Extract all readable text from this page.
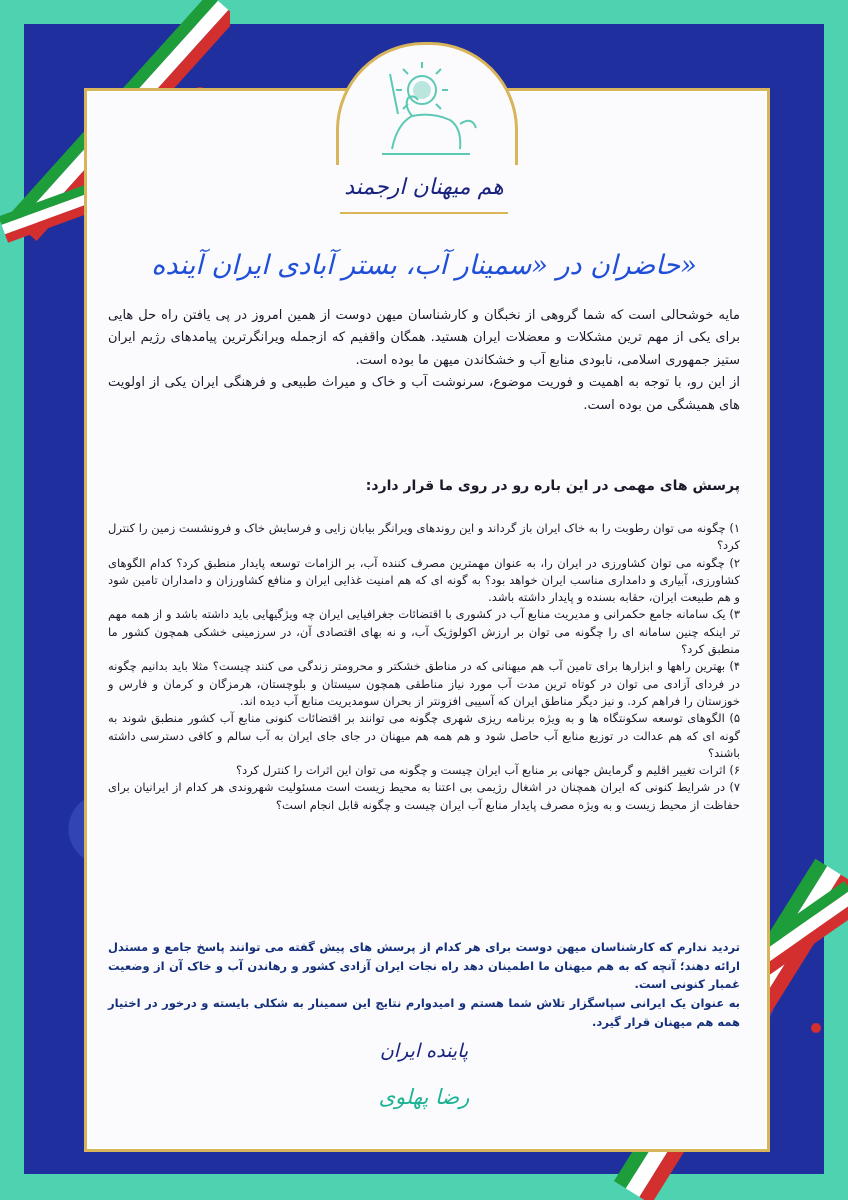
هم میهنان ارجمند
حاضران در «سمینار آب، بستر آبادی ایران آینده»

مایه خوشحالی است که شما گروهی از نخبگان و کارشناسان میهن دوست از همین امروز در پی یافتن راه حل هایی برای یکی از مهم ترین مشکلات و معضلات ایران هستید. همگان واقفیم که ازجمله ویرانگرترین پیامدهای رژیم ایران ستیز جمهوری اسلامی، نابودی منابع آب و خشکاندن میهن ما بوده است.

از این رو، با توجه به اهمیت و فوریت موضوع، سرنوشت آب و خاک و میراث طبیعی و فرهنگی ایران یکی از اولویت های همیشگی من بوده است.

پرسش های مهمی در این باره رو در روی ما قرار دارد:

۱) چگونه می توان رطوبت را به خاک ایران باز گرداند و این روندهای ویرانگر بیابان زایی و فرسایش خاک و فرونشست زمین را کنترل کرد؟

۲) چگونه می توان کشاورزی در ایران را، به عنوان مهمترین مصرف کننده آب، بر الزامات توسعه پایدار منطبق کرد؟ کدام الگوهای کشاورزی، آبیاری و دامداری مناسب ایران خواهد بود؟ به گونه ای که هم امنیت غذایی ایران و منافع کشاورزان و دامداران تامین شود و هم طبیعت ایران، حقابه بسنده و پایدار داشته باشد.

۳) یک سامانه جامع حکمرانی و مدیریت منابع آب در کشوری با اقتضائات جغرافیایی ایران چه ویژگیهایی باید داشته باشد و از همه مهم تر اینکه چنین سامانه ای را چگونه می توان بر ارزش اکولوژیک آب، و نه بهای اقتصادی آن، در سرزمینی خشکی همچون کشور ما منطبق کرد؟

۴) بهترین راهها و ابزارها برای تامین آب هم میهنانی که در مناطق خشکتر و محرومتر زندگی می کنند چیست؟ مثلا باید بدانیم چگونه در فردای آزادی می توان در کوتاه ترین مدت آب مورد نیاز مناطقی همچون سیستان و بلوچستان، هرمزگان و کرمان و فارس و خوزستان را فراهم کرد. و نیز دیگر مناطق ایران که آسیبی افزونتر از بحران سومدیریت منابع آب دیده اند.

۵) الگوهای توسعه سکونتگاه ها و به ویژه برنامه ریزی شهری چگونه می توانند بر اقتضائات کنونی منابع آب کشور منطبق شوند به گونه ای که هم عدالت در توزیع منابع آب حاصل شود و هم همه هم میهنان در جای جای ایران به آب سالم و کافی دسترسی داشته باشند؟

۶) اثرات تغییر اقلیم و گرمایش جهانی بر منابع آب ایران چیست و چگونه می توان این اثرات را کنترل کرد؟

۷) در شرایط کنونی که ایران همچنان در اشغال رژیمی بی اعتنا به محیط زیست است مسئولیت شهروندی هر کدام از ایرانیان برای حفاظت از محیط زیست و به ویژه مصرف پایدار منابع آب ایران چیست و چگونه قابل انجام است؟

تردید ندارم که کارشناسان میهن دوست برای هر کدام از پرسش های پیش گفته می توانند پاسخ جامع و مستدل ارائه دهند؛ آنچه که به هم میهنان ما اطمینان دهد راه نجات ایران آزادی کشور و رهاندن آب و خاک آن از وضعیت غمبار کنونی است.

به عنوان یک ایرانی سپاسگزار تلاش شما هستم و امیدوارم نتایج این سمینار به شکلی بایسته و درخور در اختیار همه هم میهنان قرار گیرد.

پاینده ایران
رضا پهلوی
